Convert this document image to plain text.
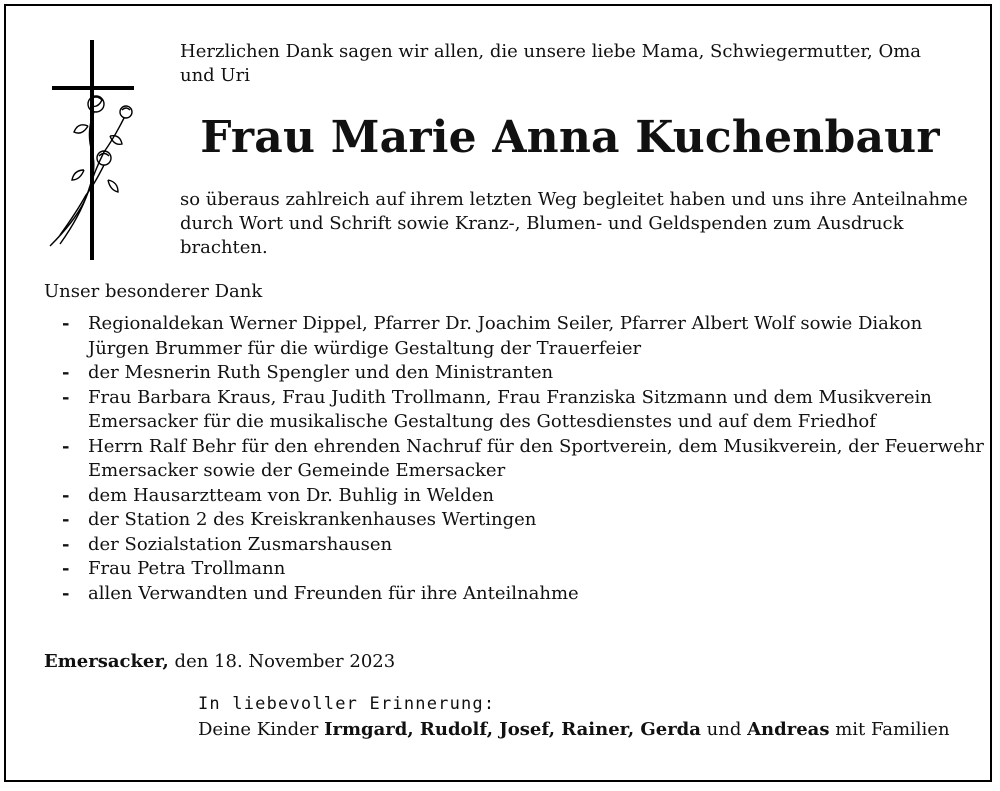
Herzlichen Dank sagen wir allen, die unsere liebe Mama, Schwiegermutter, Oma und Uri
Frau Marie Anna Kuchenbaur
so überaus zahlreich auf ihrem letzten Weg begleitet haben und uns ihre Anteilnahme durch Wort und Schrift sowie Kranz-, Blumen- und Geldspenden zum Ausdruck brachten.
Unser besonderer Dank
- Regionaldekan Werner Dippel, Pfarrer Dr. Joachim Seiler, Pfarrer Albert Wolf sowie Diakon Jürgen Brummer für die würdige Gestaltung der Trauerfeier
- der Mesnerin Ruth Spengler und den Ministranten
- Frau Barbara Kraus, Frau Judith Trollmann, Frau Franziska Sitzmann und dem Musikverein Emersacker für die musikalische Gestaltung des Gottesdienstes und auf dem Friedhof
- Herrn Ralf Behr für den ehrenden Nachruf für den Sportverein, dem Musikverein, der Feuerwehr Emersacker sowie der Gemeinde Emersacker
- dem Hausarztteam von Dr. Buhlig in Welden
- der Station 2 des Kreiskrankenhauses Wertingen
- der Sozialstation Zusmarshausen
- Frau Petra Trollmann
- allen Verwandten und Freunden für ihre Anteilnahme
Emersacker, den 18. November 2023
In liebevoller Erinnerung:
Deine Kinder Irmgard, Rudolf, Josef, Rainer, Gerda und Andreas mit Familien
